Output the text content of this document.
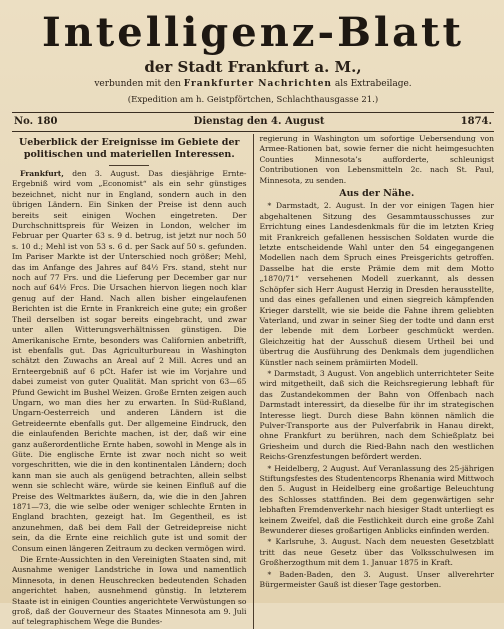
Intelligenz-Blatt
der Stadt Frankfurt a. M.,
verbunden mit den Frankfurter Nachrichten als Extrabeilage.
(Expedition am h. Geistpförtchen, Schlachthausgasse 21.)
No. 180	Dienstag den 4. August	1874.
Ueberblick der Ereignisse im Gebiete der politischen und materiellen Interessen.

Frankfurt, den 3. August. Das diesjährige Ernte-Ergebniß wird vom „Economist“ als ein sehr günstiges bezeichnet, nicht nur in England, sondern auch in den übrigen Ländern. Ein Sinken der Preise ist denn auch bereits seit einigen Wochen eingetreten. Der Durchschnittspreis für Weizen in London, welcher im Februar per Quarter 63 s. 9 d. betrug, ist jetzt nur noch 50 s. 10 d.; Mehl ist von 53 s. 6 d. per Sack auf 50 s. gefunden. Im Pariser Markte ist der Unterschied noch größer; Mehl, das im Anfange des Jahres auf 84½ Frs. stand, steht nur noch auf 77 Frs. und die Lieferung per December gar nur noch auf 64½ Frcs. Die Ursachen hiervon liegen noch klar genug auf der Hand. Nach allen bisher eingelaufenen Berichten ist die Ernte in Frankreich eine gute; ein großer Theil derselben ist sogar bereits eingebracht, und zwar unter allen Witterungsverhältnissen günstigen. Die Amerikanische Ernte, besonders was Californien anbetrifft, ist ebenfalls gut. Das Agriculturbureau in Washington schätzt den Zuwachs an Areal auf 2 Mill. Acres und an Ernteergebniß auf 6 pCt. Hafer ist wie im Vorjahre und dabei zumeist von guter Qualität. Man spricht von 63—65 Pfund Gewicht im Bushel Weizen. Große Ernten zeigen auch Ungarn, wo man dies her zu erwarten. In Süd-Rußland, Ungarn-Oesterreich und anderen Ländern ist die Getreideernte ebenfalls gut. Der allgemeine Eindruck, den die einlaufenden Berichte machen, ist der, daß wir eine ganz außerordentliche Ernte haben, sowohl in Menge als in Güte. Die englische Ernte ist zwar noch nicht so weit vorgeschritten, wie die in den kontinentalen Ländern; doch kann man sie auch als genügend betrachten, allein selbst wenn sie schlecht wäre, würde sie keinen Einfluß auf die Preise des Weltmarktes äußern, da, wie die in den Jahren 1871—73, die wie selbe oder weniger schlechte Ernten in England brachten, gezeigt hat. Im Gegentheil, es ist anzunehmen, daß bei dem Fall der Getreidepreise nicht sein, da die Ernte eine reichlich gute ist und somit der Consum einen längeren Zeitraum zu decken vermögen wird.

Die Ernte-Aussichten in den Vereinigten Staaten sind, mit Ausnahme weniger Landstriche in Iowa und namentlich Minnesota, in denen Heuschrecken bedeutenden Schaden angerichtet haben, ausnehmend günstig. In letzterem Staate ist in einigen Counties angerichtete Verwüstungen so groß, daß der Gouverneur des Staates Minnesota am 9. Juli auf telegraphischem Wege die Bundes-

regierung in Washington um sofortige Uebersendung von Armee-Rationen bat, sowie ferner die nicht heimgesuchten Counties Minnesota’s aufforderte, schleunigst Contributionen von Lebensmitteln 2c. nach St. Paul, Minnesota, zu senden.

Aus der Nähe.

* Darmstadt, 2. August. In der vor einigen Tagen hier abgehaltenen Sitzung des Gesammtausschusses zur Errichtung eines Landesdenkmals für die im letzten Krieg mit Frankreich gefallenen hessischen Soldaten wurde die letzte entscheidende Wahl unter den 54 eingegangenen Modellen nach dem Spruch eines Preisgerichts getroffen. Dasselbe hat die erste Prämie dem mit dem Motto „1870/71“ versehenen Modell zuerkannt, als dessen Schöpfer sich Herr August Herzig in Dresden herausstellte, und das eines gefallenen und einen siegreich kämpfenden Krieger darstellt, wie sie beide die Fahne ihrem geliebten Vaterland, und zwar in seiner Sieg der todte und dann erst der lebende mit dem Lorbeer geschmückt werden. Gleichzeitig hat der Ausschuß diesem Urtheil bei und übertrug die Ausführung des Denkmals dem jugendlichen Künstler nach seinem prämiirten Modell.

* Darmstadt, 3 August. Von angeblich unterrichteter Seite wird mitgetheilt, daß sich die Reichsregierung lebhaft für das Zustandekommen der Bahn von Offenbach nach Darmstadt interessirt, da dieselbe für ihr im strategischen Interesse liegt. Durch diese Bahn können nämlich die Pulver-Transporte aus der Pulverfabrik in Hanau direkt, ohne Frankfurt zu berühren, nach dem Schießplatz bei Griesheim und durch die Ried-Bahn nach den westlichen Reichs-Grenzfestungen befördert werden.

* Heidelberg, 2 August. Auf Veranlassung des 25-jährigen Stiftungsfestes des Studentencorps Rhenania wird Mittwoch den 5. August in Heidelberg eine großartige Beleuchtung des Schlosses stattfinden. Bei dem gegenwärtigen sehr lebhaften Fremdenverkehr nach hiesiger Stadt unterliegt es keinem Zweifel, daß die Festlichkeit durch eine große Zahl Bewunderer dieses großartigen Anblicks einfinden werden.

* Karlsruhe, 3. August. Nach dem neuesten Gesetzblatt tritt das neue Gesetz über das Volksschulwesen im Großherzogthum mit dem 1. Januar 1875 in Kraft.

* Baden-Baden, den 3. August. Unser allverehrter Bürgermeister Gauß ist dieser Tage gestorben.
